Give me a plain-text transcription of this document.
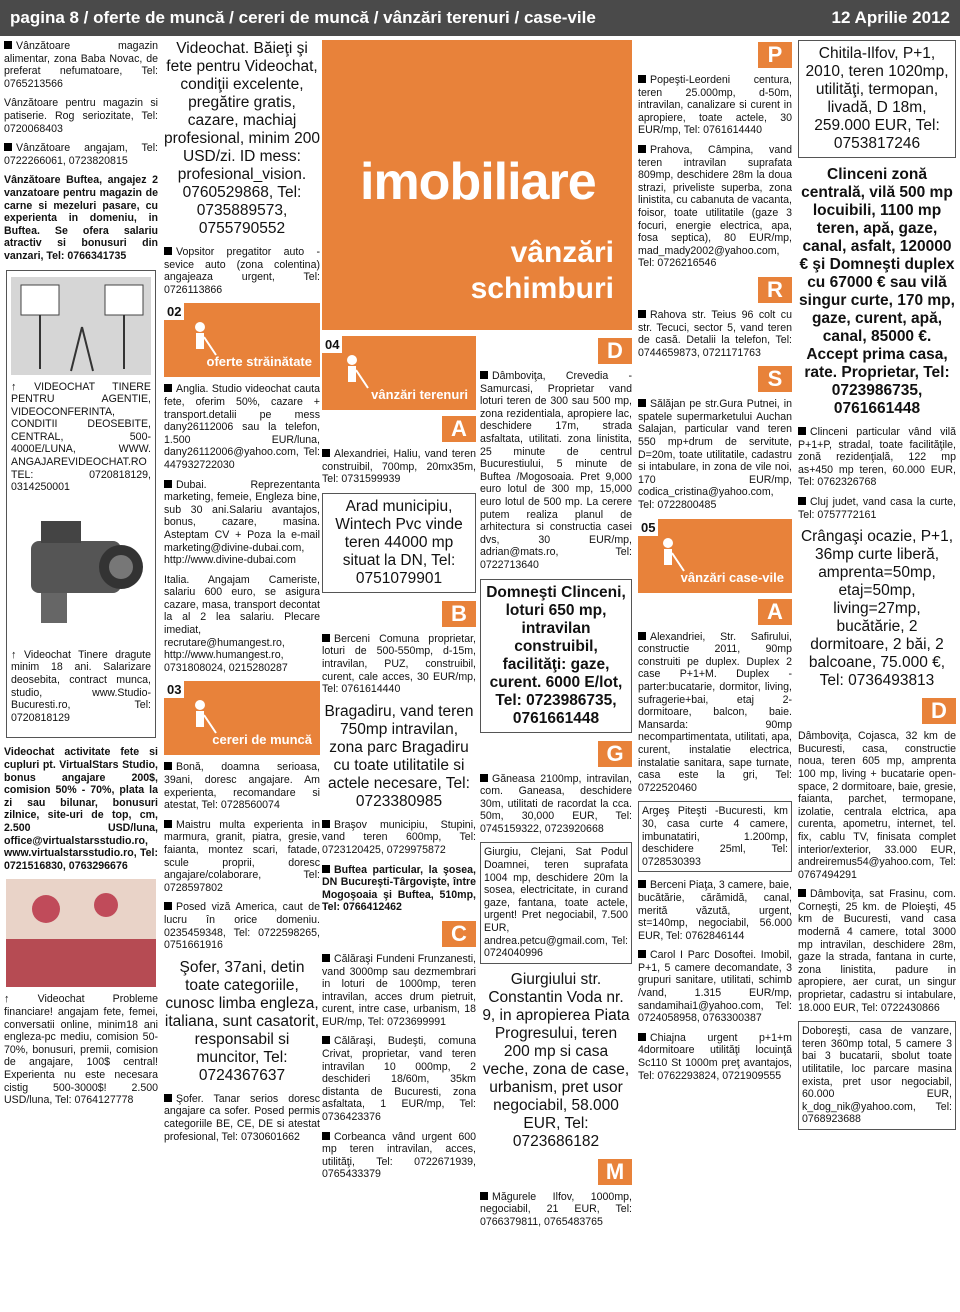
pagina 8 / oferte de muncă / cereri de muncă / vânzări terenuri / case-vile	12 Aprilie 2012

Vânzătoare magazin alimentar, zona Baba Novac, de preferat nefumatoare, Tel: 0765213566

Vânzătoare pentru magazin si patiserie. Rog seriozitate, Tel: 0720068403

Vânzătoare angajam, Tel: 0722266061, 0723820815

Vânzătoare Buftea, angajez 2 vanzatoare pentru magazin de carne si mezeluri pasare, cu experienta in domeniu, in Buftea. Se ofera salariu atractiv si bonusuri din vanzari, Tel: 0766341735

↑ VIDEOCHAT TINERE PENTRU AGENTIE, VIDEOCONFERINTA, CONDITII DEOSEBITE, CENTRAL, 500-4000E/LUNA, WWW. ANGAJAREVIDEOCHAT.RO TEL: 0720818129, 0314250001

↑ Videochat Tinere dragute minim 18 ani. Salarizare deosebita, contract munca, studio, www.Studio-Bucuresti.ro, Tel: 0720818129

Videochat activitate fete si cupluri pt. VirtualStars Studio, bonus angajare 200$, comision 50% - 70%, plata la zi sau bilunar, bonusuri zilnice, site-uri de top, cm, 2.500 USD/luna, office@virtualstarsstudio.ro, www.virtualstarsstudio.ro, Tel: 0721516830, 0763296676

↑ Videochat Probleme financiare! angajam fete, femei, conversatii online, minim18 ani engleza-pc mediu, comision 50-70%, bonusuri, premii, comision de angajare, 100$ central! Experienta nu este necesara cistig 500-3000$! 2.500 USD/luna, Tel: 0764127778

Videochat. Băieţi şi fete pentru Videochat, condiţii excelente, pregătire gratis, cazare, machiaj profesional, minim 200 USD/zi. ID mess: profesional_vision. 0760529868, Tel: 0735889573, 0755790552

Vopsitor pregatitor auto - sevice auto (zona colentina) angajeaza urgent, Tel: 0726113866

02
oferte străinătate

Anglia. Studio videochat cauta fete, oferim 50%, cazare + transport.detalii pe mess dany26112006 sau la telefon, 1.500 EUR/luna, dany26112006@yahoo.com, Tel: 447932722030

Dubai. Reprezentanta marketing, femeie, Engleza bine, sub 30 ani.Salariu avantajos, bonus, cazare, masina. Asteptam CV + Poza la e-mail marketing@divine-dubai.com, http://www.divine-dubai.com

Italia. Angajam Cameriste, salariu 600 euro, se asigura cazare, masa, transport decontat la al 2 lea salariu. Plecare imediat, recrutare@humangest.ro, http://www.humangest.ro, 0731808024, 0215280287

03
cereri de muncă

Bonă, doamna serioasa, 39ani, doresc angajare. Am experienta, recomandare si atestat, Tel: 0728560074

Maistru multa experienta in marmura, granit, piatra, gresie, faianta, montez scari, fatade, scule proprii, doresc angajare/colaborare, Tel: 0728597802

Posed viză America, caut de lucru în orice domeniu. 0235459348, Tel: 0722598265, 0751661916

Şofer, 37ani, detin toate categoriile, cunosc limba engleza, italiana, sunt casatorit, responsabil si muncitor, Tel: 0724367637

Şofer. Tanar serios doresc angajare ca sofer. Posed permis categoriile BE, CE, DE si atestat profesional, Tel: 0730601662

imobiliare
vânzări
schimburi
04
vânzări terenuri
A

Alexandriei, Haliu, vand teren construibil, 700mp, 20mx35m, Tel: 0731599939

Arad municipiu, Wintech Pvc vinde teren 44000 mp situat la DN, Tel: 0751079901

B

Berceni Comuna proprietar, loturi de 500-550mp, d-15m, intravilan, PUZ, construibil, curent, cale acces, 30 EUR/mp, Tel: 0761614440

Bragadiru, vand teren 750mp intravilan, zona parc Bragadiru cu toate utilitatile si actele necesare, Tel: 0723380985

Braşov municipiu, Stupini, vand teren 600mp, Tel: 0723120425, 0729975872

Buftea particular, la şosea, DN Bucureşti-Târgovişte, între Mogoşoaia şi Buftea, 510mp, Tel: 0766412462

C

Călăraşi Fundeni Frunzanesti, vand 3000mp sau dezmembrari in loturi de 1000mp, teren intravilan, acces drum pietruit, curent, intre case, urbanism, 18 EUR/mp, Tel: 0723699991

Călăraşi, Budeşti, comuna Crivat, proprietar, vand teren intravilan 10 000mp, 2 deschideri 18/60m, 35km distanta de Bucuresti, zona asfaltata, 1 EUR/mp, Tel: 0736423376

Corbeanca vând urgent 600 mp teren intravilan, acces, utilităţi, Tel: 0722671939, 0765433379

D

Dâmboviţa, Crevedia - Samurcasi, Proprietar vand loturi teren de 300 sau 500 mp, zona rezidentiala, apropiere lac, deschidere 17m, strada asfaltata, utilitati. zona linistita, 25 minute de centrul Bucurestiului, 5 minute de Buftea /Mogosoaia. Pret 9,000 euro lotul de 300 mp, 15,000 euro lotul de 500 mp. La cerere putem realiza planul de arhitectura si constructia casei dvs, 30 EUR/mp, adrian@mats.ro, Tel: 0722713640

Domneşti Clinceni, loturi 650 mp, intravilan construibil, facilităţi: gaze, curent. 6000 E/lot, Tel: 0723986735, 0761661448

G

Găneasa 2100mp, intravilan, com. Ganeasa, deschidere 30m, utilitati de racordat la cca. 50m, 30,000 EUR, Tel: 0745159322, 0723920668

Giurgiu, Clejani, Sat Podul Doamnei, teren suprafata 1004 mp, deschidere 20m la sosea, electricitate, in curand gaze, fantana, toate actele, urgent! Pret negociabil, 7.500 EUR, andrea.petcu@gmail.com, Tel: 0724040996

Giurgiului str. Constantin Voda nr. 9, in apropierea Piata Progresului, teren 200 mp si casa veche, zona de case, urbanism, pret usor negociabil, 58.000 EUR, Tel: 0723686182

M

Măgurele Ilfov, 1000mp, negociabil, 21 EUR, Tel: 0766379811, 0765483765

P

Popeşti-Leordeni centura, teren 25.000mp, d-50m, intravilan, canalizare si curent in apropiere, toate actele, 30 EUR/mp, Tel: 0761614440

Prahova, Câmpina, vand teren intravilan suprafata 809mp, deschidere 28m la doua strazi, priveliste superba, zona linistita, cu cabanuta de vacanta, foisor, toate utilitatile (gaze 3 focuri, energie electrica, apa, fosa septica), 80 EUR/mp, mad_mady2002@yahoo.com, Tel: 0726216546

R

Rahova str. Teius 96 colt cu str. Tecuci, sector 5, vand teren de casă. Detalii la telefon, Tel: 0744659873, 0721171763

S

Sălăjan pe str.Gura Putnei, in spatele supermarketului Auchan Salajan, particular vand teren 550 mp+drum de servitute, D=20m, toate utilitatile, cadastru si intabulare, in zona de vile noi, 170 EUR/mp, codica_cristina@yahoo.com, Tel: 0722800485

05
vânzări case-vile
A

Alexandriei, Str. Safirului, constructie 2011, 90mp construiti pe duplex. Duplex 2 case P+1+M. Duplex - parter:bucatarie, dormitor, living, sufragerie+bai, etaj 2-dormitoare, balcon, baie. Mansarda: 90mp necompartimentata, utilitati, apa, curent, instalatie electrica, instalatie sanitara, sape turnate, casa este la gri, Tel: 0722520460

Argeş Piteşti -Bucuresti, km 30, casa curte 4 camere, imbunatatiri, 1.200mp, deschidere 25ml, Tel: 0728530393

Berceni Piaţa, 3 camere, baie, bucătărie, cărămidă, canal, merită văzută, urgent, st=140mp, negociabil, 56.000 EUR, Tel: 0762846144

Carol I Parc Dosoftei. Imobil, P+1, 5 camere decomandate, 3 grupuri sanitare, utilitati, schimb /vand, 1.315 EUR/mp, sandamihai1@yahoo.com, Tel: 0724058958, 0763300387

Chiajna urgent p+1+m 4dormitoare utilităţi locuinţă Sc110 St 1000m preţ avantajos, Tel: 0762293824, 0721909555

Chitila-Ilfov, P+1, 2010, teren 1020mp, utilităţi, termopan, livadă, D 18m, 259.000 EUR, Tel: 0753817246

Clinceni zonă centrală, vilă 500 mp locuibili, 1100 mp teren, apă, gaze, canal, asfalt, 120000 € şi Domneşti duplex cu 67000 € sau vilă singur curte, 170 mp, gaze, curent, apă, canal, 85000 €. Accept prima casa, rate. Proprietar, Tel: 0723986735, 0761661448

Clinceni particular vând vilă P+1+P, stradal, toate facilităţile, zonă rezidenţială, 122 mp as+450 mp teren, 60.000 EUR, Tel: 0762326768

Cluj judet, vand casa la curte, Tel: 0757772161

Crângaşi ocazie, P+1, 36mp curte liberă, amprenta=50mp, etaj=50mp, living=27mp, bucătărie, 2 dormitoare, 2 băi, 2 balcoane, 75.000 €, Tel: 0736493813

D

Dâmboviţa, Cojasca, 32 km de Bucuresti, casa, constructie noua, teren 605 mp, amprenta 100 mp, living + bucatarie open-space, 2 dormitoare, baie, gresie, faianta, parchet, termopane, izolatie, centrala elctrica, apa curenta, apometru, internet, tel. fix, cablu TV, finisata complet interior/exterior, 33.000 EUR, andreiremus54@yahoo.com, Tel: 0767494291

Dâmboviţa, sat Frasinu, com. Corneşti, 25 km. de Ploieşti, 45 km de Bucuresti, vand casa modernă 4 camere, total 3000 mp intravilan, deschidere 28m, gaze la strada, fantana in curte, zona linistita, padure in apropiere, aer curat, un singur proprietar, cadastru si intabulare, 18.000 EUR, Tel: 0722430866

Doboreşti, casa de vanzare, teren 360mp total, 5 camere 3 bai 3 bucatarii, sbolut toate utilitatile, loc parcare masina exista, pret usor negociabil, 60.000 EUR, k_dog_nik@yahoo.com, Tel: 0768923688
